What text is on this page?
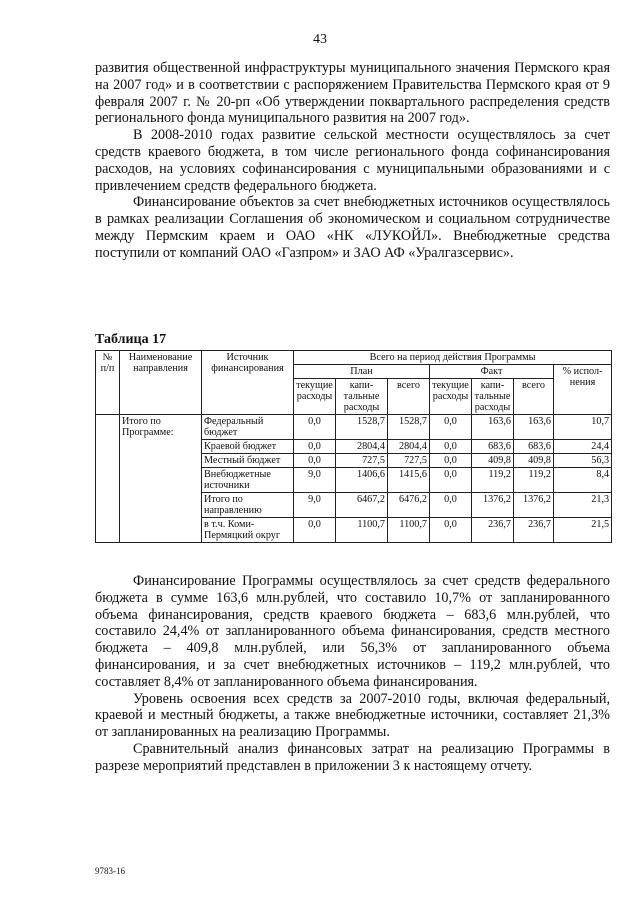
43

развития общественной инфраструктуры муниципального значения Пермского края на 2007 год» и в соответствии с распоряжением Правительства Пермского края от 9 февраля 2007 г. № 20-рп «Об утверждении поквартального распределения средств регионального фонда муниципального развития на 2007 год».

В 2008-2010 годах развитие сельской местности осуществлялось за счет средств краевого бюджета, в том числе регионального фонда софинансирования расходов, на условиях софинансирования с муниципальными образованиями и с привлечением средств федерального бюджета.

Финансирование объектов за счет внебюджетных источников осуществлялось в рамках реализации Соглашения об экономическом и социальном сотрудничестве между Пермским краем и ОАО «НК «ЛУКОЙЛ». Внебюджетные средства поступили от компаний ОАО «Газпром» и ЗАО АФ «Уралгазсервис».

Таблица 17
№ п/п	Наименование направления	Источник финансирования	Всего на период действия Программы						
			План			Факт			% испол-нения
			текущие расходы	капи-тальные расходы	всего	текущие расходы	капи-тальные расходы	всего	
	Итого по Программе:	Федеральный бюджет	0,0	1528,7	1528,7	0,0	163,6	163,6	10,7
		Краевой бюджет	0,0	2804,4	2804,4	0,0	683,6	683,6	24,4
		Местный бюджет	0,0	727,5	727,5	0,0	409,8	409,8	56,3
		Внебюджетные источники	9,0	1406,6	1415,6	0,0	119,2	119,2	8,4
		Итого по направлению	9,0	6467,2	6476,2	0,0	1376,2	1376,2	21,3
		в т.ч. Коми-Пермяцкий округ	0,0	1100,7	1100,7	0,0	236,7	236,7	21,5

Финансирование Программы осуществлялось за счет средств федерального бюджета в сумме 163,6 млн.рублей, что составило 10,7% от запланированного объема финансирования, средств краевого бюджета – 683,6 млн.рублей, что составило 24,4% от запланированного объема финансирования, средств местного бюджета – 409,8 млн.рублей, или 56,3% от запланированного объема финансирования, и за счет внебюджетных источников – 119,2 млн.рублей, что составляет 8,4% от запланированного объема финансирования.

Уровень освоения всех средств за 2007-2010 годы, включая федеральный, краевой и местный бюджеты, а также внебюджетные источники, составляет 21,3% от запланированных на реализацию Программы.

Сравнительный анализ финансовых затрат на реализацию Программы в разрезе мероприятий представлен в приложении 3 к настоящему отчету.

9783-16
